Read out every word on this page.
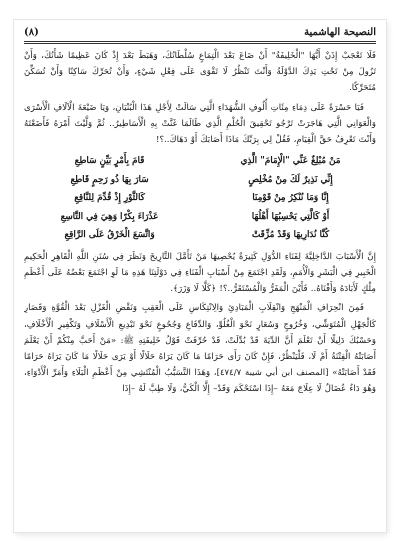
النصيحة الهاشمية
(٨)

فَلَا تَعْجَبْ إِذَنْ أَيُّهَا "الْخَلِيفَةُ" أَنْ ضَاعَ بَعْدَ الْتِمَاعٍ سُلْطَانُكَ، وَهَبَطَ بَعْدَ إِذْ كَانَ عَظِيمًا شَأْنُكَ، وَأَنْ تَزُولَ مِنْ تَحْتِ يَدِكَ الدَّوْلَةُ وَأَنْتَ تَنْظُرُ لَا تَقْوَى عَلَى فِعْلِ شَيْءٍ، وَأَنْ تُحَرِّكَ سَاكِنًا وَأَنْ تُسَكِّنَ مُتَحَرِّكًا.

فَيَا حَسْرَةً عَلَى دِمَاءِ مِئَاتِ أُلُوفِ الشُّهَدَاءِ الَّتِي سَالَتْ لِأَجْلِ هَذَا الْبُنْيَانِ، وَيَا ضَيْعَةَ الْآلَافِ الْأَسْرَى وَالْعَوَانِي الَّتِي هَاجَرَتْ تَرْجُو تَحْقِيقَ الْحُلْمِ الَّذِي طَالَمَا غَنَّتْ بِهِ الْأَسَاطِيرُ.. ثُمَّ وَلَّيْتَ أَمْرَهُ فَأَضَعْتَهُ وَأَنْتَ تَعْرِفُ حَقَّ الْقِيَامِ، فَقُلْ لِي بِرَبِّكَ مَاذَا أَصَابَكَ أَوْ دَهَاكَ..؟!

مَنْ مُبْلِغٌ عَنِّي "الْإِمَامَ" الَّذِي
قَامَ بِأَمْرٍ بَيِّنٍ سَاطِعِ
إِنِّي نَذِيرٌ لَكَ مِنْ مُخْلِصٍ
سَارَ بِهَا ذُو رَحِمٍ قَاطِعِ
إِنَّا وَمَا نُنْكِرُ مِنْ قَوْمِنَا
كَالثَّوْرِ إِذْ قُدِّمَ لِلنَّاقِعِ
أَوْ كَالَّتِي يَحْسِبُهَا أَهْلُهَا
عَذْرَاءَ بِكْرًا وَهِيَ فِي التَّاسِعِ
كُنَّا نُدَارِيهَا وَقَدْ مُزِّقَتْ
وَاتَّسَعَ الْخَرْقُ عَلَى الرَّاقِعِ

إِنَّ الْأَسْبَابَ الدَّاخِلِيَّةَ لِفَنَاءِ الدُّوَلِ كَثِيرَةٌ يُحْصِيهَا مَنْ تَأَمَّلَ التَّارِيخَ وَنَظَرَ فِي سُنَنِ اللَّهِ الْقَاهِرِ الْحَكِيمِ الْخَبِيرِ فِي الْبَشَرِ وَالْأُمَمِ، وَلَقَدِ اجْتَمَعَ مِنْ أَسْبَابِ الْفَنَاءِ فِي دَوْلَتِنَا هَذِهِ مَا لَوِ اجْتَمَعَ بَعْضُهُ عَلَى أَعْظَمِ مِلْكٍ لَأَبَادَهُ وَأَفْنَاهُ.. فَأَيْنَ الْمَفَرُّ وَالْمُسْتَقَرُّ..؟! ﴿كَلَّا لَا وَزَرَ﴾.

فَمِنَ انْحِرَافِ الْمَنْهَجِ وَانْقِلَابِ الْمَبَادِئِ وَالِانْتِكَاسِ عَلَى الْعَقِبِ وَنَقْضِ الْغَزْلِ بَعْدَ الْقُوَّةِ وَقَصَارِ كَالْجَهْلِ الْمُتَوَشِّي، وَخُرُوجٍ وَسُعَارٍ نَحْوَ الْغُلُوِّ، وَالدِّفَاعِ وَجُحُوعٍ نَحْوَ تَبْدِيعِ الْأَسْلَافِ وَتَكْفِيرِ الْأَخْلَافِ، وَحَسْبُكَ دَلِيلًا أَنْ تَعْلَمَ أَنَّ الدِّيَةَ قَدْ بُدِّلَتْ، قَدْ حُرِّفَتْ قَوْلُ خَلِيفَتِهِ ﷺ: «مَنْ أَحَبَّ مِنْكُمْ أَنْ يَعْلَمَ أَصَابَتْهُ الْفِتْنَةُ أَمْ لَا، فَلْيَنْظُرْ، فَإِنْ كَانَ رَأَى حَرَامًا مَا كَانَ يَرَاهُ حَلَالًا أَوْ يَرَى حَلَالًا مَا كَانَ يَرَاهُ حَرَامًا فَقَدْ أَصَابَتْهُ» [المصنف ابن أبي شيبة ٤٧٤/٧]، وَهَذَا التَّسَبُّبُ الْمُنْتَشِي مِنْ أَعْظَمِ الْبَلَاءِ وَأَمَرِّ الْأَدْوَاءِ، وَهُوَ دَاءٌ عُضَالٌ لَا عِلَاجَ مَعَهُ –إِذَا اسْتَحْكَمَ وَقَدْ– إِلَّا الْكَيُّ، وَلَا طِبَّ لَهُ –إِذَا
